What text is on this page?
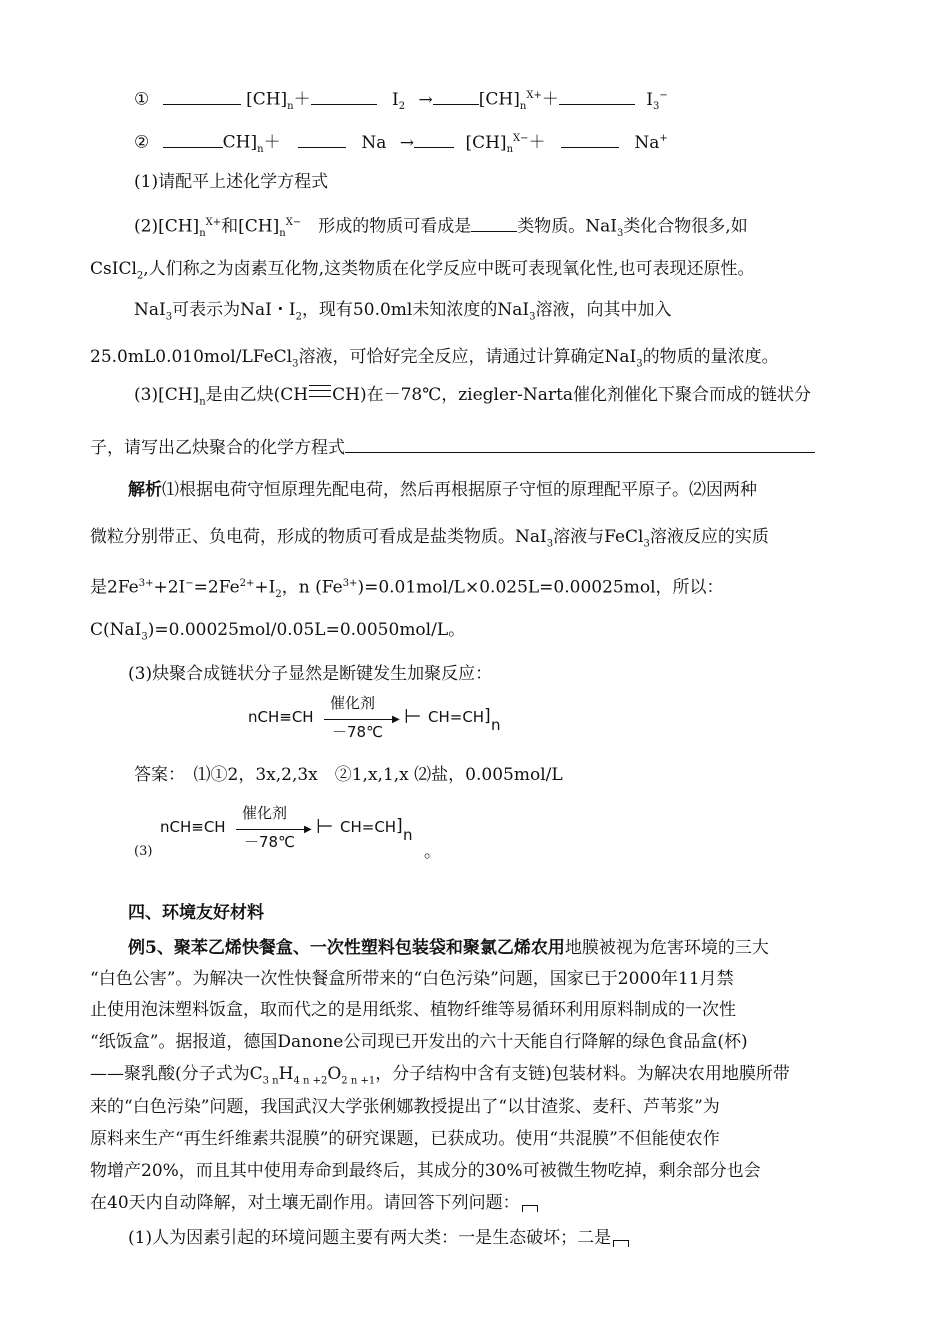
①	$[CH]_n+$	$I_2$ →	$[CH]_n^{X+}+$	$I_3^-$
②	$CH]_n+$	Na →	$[CH]_n^{X-}+$	Na+
(1)请配平上述化学方程式
$(2)[CH]_n^{X+}$和$[CH]_n^{X-}$　形成的物质可看成是	类物质。NaI$_3$类化合物很多,如
CsICl$_2$,人们称之为卤素互化物,这类物质在化学反应中既可表现氧化性,也可表现还原性。
NaI$_3$可表示为NaI・$I_2$，现有50.0ml未知浓度的NaI$_3$溶液，向其中加入
25.0mL0.010mol/LFeCl$_3$溶液，可恰好完全反应，请通过计算确定NaI$_3$的物质的量浓度。
$(3)[CH]_n$是由乙炔(CH CH)在－78℃，ziegler-Narta催化剂催化下聚合而成的链状分
子，请写出乙炔聚合的化学方程式
解析⑴根据电荷守恒原理先配电荷，然后再根据原子守恒的原理配平原子。⑵因两种
微粒分别带正、负电荷，形成的物质可看成是盐类物质。NaI$_3$溶液与FeCl$_3$溶液反应的实质
是$2Fe^{3+}+2I^-=2Fe^{2+}+I_2$，n $(Fe^{3+})=0.01mol/L\times 0.025L=0.00025mol$，所以：
C(NaI$_3$)=0.00025mol/0.05L=0.0050mol/L。
(3)炔聚合成链状分子显然是断键发生加聚反应：
nCH≡CH
催化剂
▶
－78℃
⊢ CH=CH ] n
答案：　⑴①2，3x,2,3x　②1,x,1,x ⑵盐，0.005mol/L
(3)
nCH≡CH
催化剂
▶
－78℃
⊢ CH=CH ] n
。
四、环境友好材料
例5、聚苯乙烯快餐盒、一次性塑料包装袋和聚氯乙烯农用地膜被视为危害环境的三大
“白色公害”。为解决一次性快餐盒所带来的“白色污染”问题，国家已于2000年11月禁
止使用泡沫塑料饭盒，取而代之的是用纸浆、植物纤维等易循环利用原料制成的一次性
“纸饭盒”。据报道，德国Danone公司现已开发出的六十天能自行降解的绿色食品盒(杯)
——聚乳酸(分子式为$C_{3 n}H_{4 n +2}O_{2 n +1}$，分子结构中含有支链)包装材料。为解决农用地膜所带
来的“白色污染”问题，我国武汉大学张俐娜教授提出了“以甘渣浆、麦秆、芦苇浆”为
原料来生产“再生纤维素共混膜”的研究课题，已获成功。使用“共混膜”不但能使农作
物增产20%，而且其中使用寿命到最终后，其成分的30%可被微生物吃掉，剩余部分也会
在40天内自动降解，对土壤无副作用。请回答下列问题：
(1)人为因素引起的环境问题主要有两大类：一是生态破坏；二是
